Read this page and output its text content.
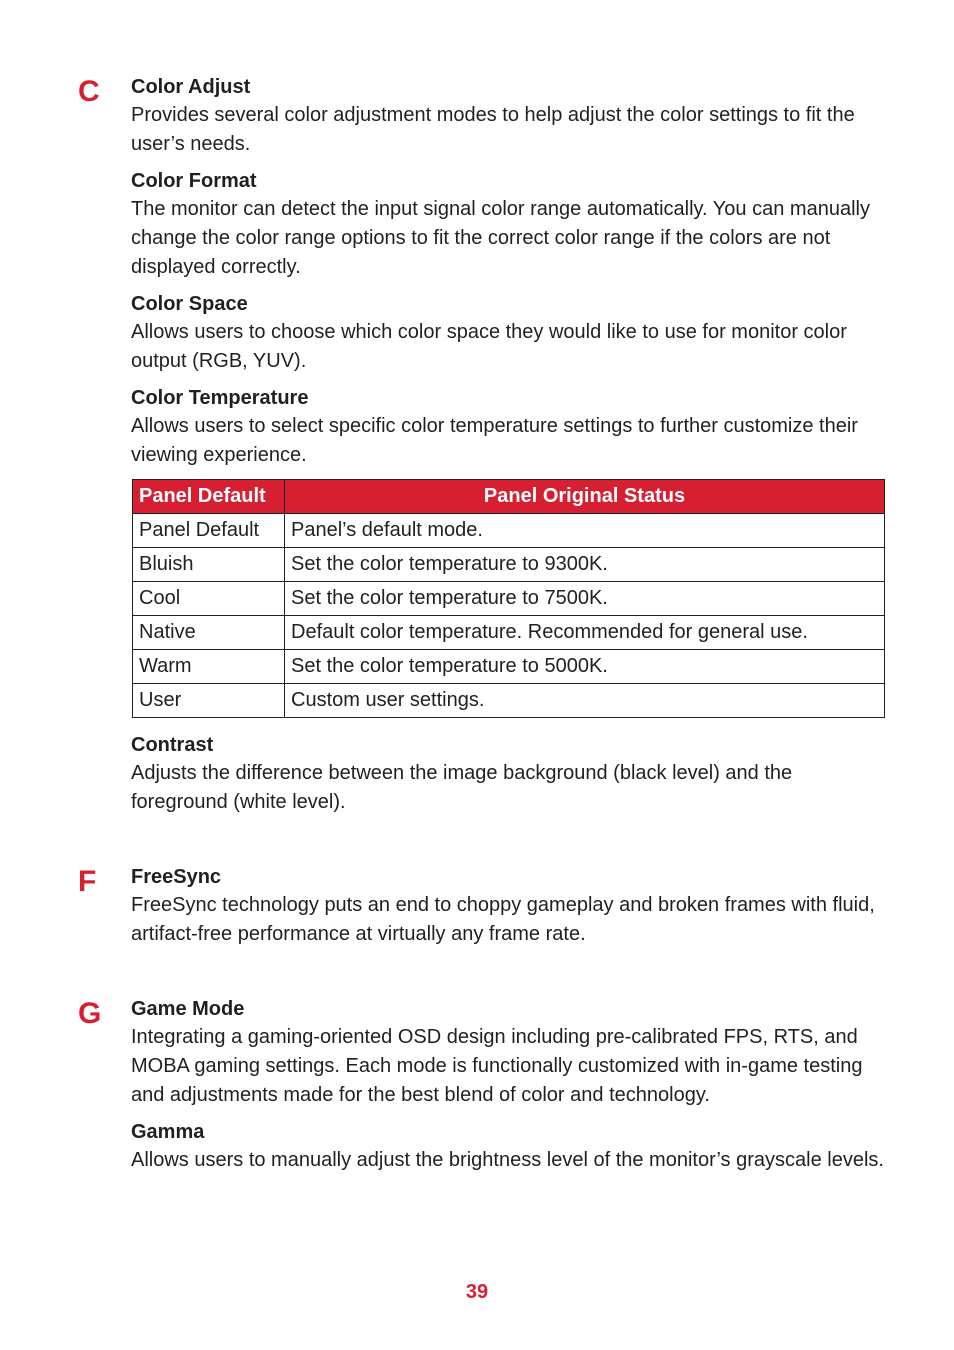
C Color Adjust

Provides several color adjustment modes to help adjust the color settings to fit the user’s needs.

Color Format

The monitor can detect the input signal color range automatically. You can manually change the color range options to fit the correct color range if the colors are not displayed correctly.

Color Space

Allows users to choose which color space they would like to use for monitor color output (RGB, YUV).

Color Temperature

Allows users to select specific color temperature settings to further customize their viewing experience.

Panel Default	Panel Original Status
Panel Default	Panel’s default mode.
Bluish	Set the color temperature to 9300K.
Cool	Set the color temperature to 7500K.
Native	Default color temperature. Recommended for general use.
Warm	Set the color temperature to 5000K.
User	Custom user settings.

Contrast

Adjusts the difference between the image background (black level) and the foreground (white level).

F FreeSync

FreeSync technology puts an end to choppy gameplay and broken frames with fluid, artifact-free performance at virtually any frame rate.

G Game Mode

Integrating a gaming-oriented OSD design including pre-calibrated FPS, RTS, and MOBA gaming settings. Each mode is functionally customized with in-game testing and adjustments made for the best blend of color and technology.

Gamma

Allows users to manually adjust the brightness level of the monitor’s grayscale levels.

39
